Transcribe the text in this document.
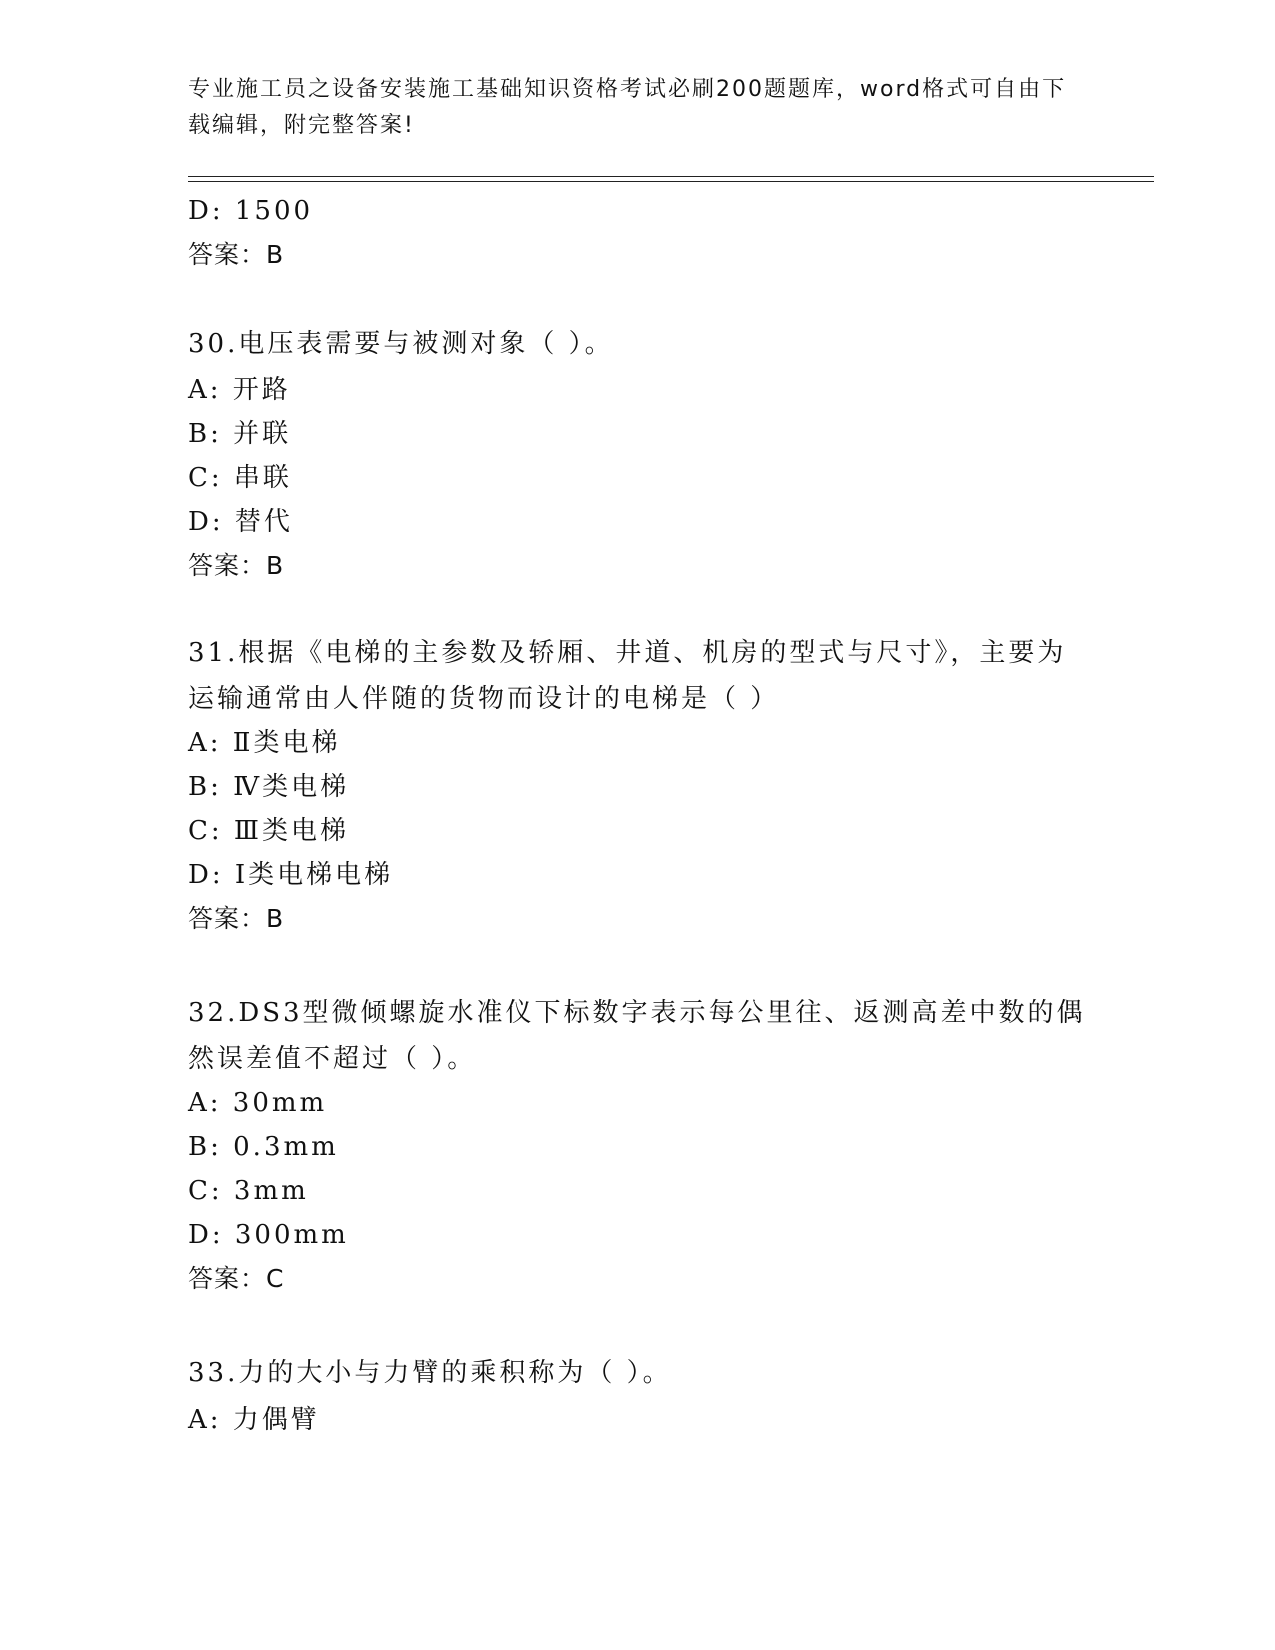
专业施工员之设备安装施工基础知识资格考试必刷200题题库，word格式可自由下载编辑，附完整答案!
D: 1500
答案：B
30.电压表需要与被测对象（ ）。
A: 开路
B: 并联
C: 串联
D: 替代
答案：B
31.根据《电梯的主参数及轿厢、井道、机房的型式与尺寸》，主要为运输通常由人伴随的货物而设计的电梯是（ ）
A: Ⅱ类电梯
B: Ⅳ类电梯
C: Ⅲ类电梯
D: Ⅰ类电梯电梯
答案：B
32.DS3型微倾螺旋水准仪下标数字表示每公里往、返测高差中数的偶然误差值不超过（ ）。
A: 30mm
B: 0.3mm
C: 3mm
D: 300mm
答案：C
33.力的大小与力臂的乘积称为（ ）。
A: 力偶臂
